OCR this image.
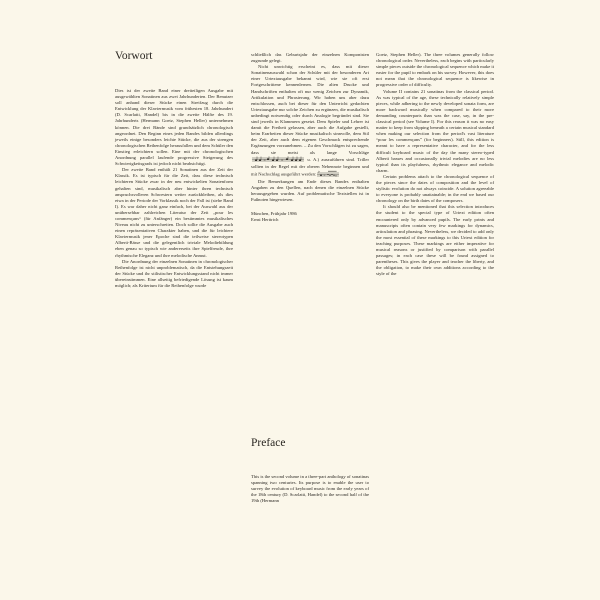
Vorwort

Dies ist der zweite Band einer dreiteiligen Ausgabe mit ausgewählten Sonatinen aus zwei Jahrhunderten. Der Benutzer soll anhand dieser Stücke einen Streifzug durch die Entwicklung der Klaviermusik vom frühesten 18. Jahrhundert (D. Scarlatti, Handel) bis in die zweite Hälfte des 19. Jahrhunderts (Hermann Goetz, Stephen Heller) unternehmen können. Die drei Bände sind grundsätzlich chronologisch angeordnet. Den Beginn eines jeden Bandes bilden allerdings jeweils einige besonders leichte Stücke, die aus der strengen chronologischen Reihenfolge herausfallen und dem Schüler den Einstieg erleichtern sollen. Eine mit der chronologischen Anordnung parallel laufende progressive Steigerung des Schwierigkeitsgrads ist jedoch nicht beabsichtigt.

Der zweite Band enthält 21 Sonatinen aus der Zeit der Klassik. Es ist typisch für die Zeit, dass diese technisch leichteren Stücke zwar in der neu entwickelten Sonatenform gehalten sind, musikalisch aber hinter ihren technisch anspruchsvolleren Schwestern weiter zurückbleiben, als dies etwa in der Periode der Vorklassik noch der Fall ist (siehe Band I). Es war daher nicht ganz einfach, bei der Auswahl aus der unübersehbar zahlreichen Literatur der Zeit „pour les commençans“ (für Anfänger) ein bestimmtes musikalisches Niveau nicht zu unterschreiten. Doch sollte die Ausgabe auch einen repräsentativen Charakter haben, und die für leichtere Klaviermusik jener Epoche sind die teilweise stereotypen Alberti-Bässe und die gelegentlich triviale Melodiebildung eben genau so typisch wie andererseits ihre Spielfreude, ihre rhythmische Eleganz und ihre melodische Anmut.

Die Anordnung der einzelnen Sonatinen in chronologischer Reihenfolge ist nicht unproblematisch, da die Entstehungszeit der Stücke und ihr stilistischer Entwicklungsstand nicht immer übereinstimmen. Eine allseitig befriedigende Lösung ist kaum möglich; als Kriterium für die Reihenfolge wurde

schließlich das Geburtsjahr der einzelnen Komponisten zugrunde gelegt.

Nicht unwichtig erscheint es, dass mit dieser Sonatinenauswahl schon der Schüler mit der besonderen Art einer Urtextausgabe bekannt wird, wie sie oft erst Fortgeschrittene kennenlernen. Die alten Drucke und Handschriften enthalten oft nur wenig Zeichen zur Dynamik, Artikulation und Phrasierung. Wir haben uns aber dazu entschlossen, auch bei dieser für den Unterricht gedachten Urtextausgabe nur solche Zeichen zu ergänzen, die musikalisch unbedingt notwendig oder durch Analogie begründet sind. Sie sind jeweils in Klammern gesetzt. Dem Spieler und Lehrer ist damit die Freiheit gelassen, aber auch die Aufgabe gestellt, beim Erarbeiten dieser Stücke musikalisch sinnvolle, dem Stil der Zeit, aber auch dem eigenen Geschmack entsprechende Ergänzungen vorzunehmen. – Zu den Vorschlägen ist zu sagen, dass sie meist als lange Vorschläge
=	=	u. A.) auszuführen sind. Triller sollten in der Regel mit der oberen Nebennote beginnen und mit Nachschlag ausgeführt werden: tr
=

Die Bemerkungen am Ende dieses Bandes enthalten Angaben zu den Quellen, nach denen die einzelnen Stücke herausgegeben wurden. Auf problematische Textstellen ist in Fußnoten hingewiesen.

München, Frühjahr 1986
Ernst Herttrich

Preface

This is the second volume in a three-part anthology of sonatinas spanning two centuries. Its purpose is to enable the user to survey the evolution of keyboard music from the early years of the 18th century (D. Scarlatti, Handel) to the second half of the 19th (Hermann

Goetz, Stephen Heller). The three volumes generally follow chronological order. Nevertheless, each begins with particularly simple pieces outside the chronological sequence which make it easier for the pupil to embark on his survey. However, this does not mean that the chronological sequence is likewise in progressive order of difficulty.

Volume II contains 21 sonatinas from the classical period. As was typical of the age, these technically relatively simple pieces, while adhering to the newly developed sonata form, are more backward musically when compared to their more demanding counterparts than was the case, say, in the pre-classical period (see Volume I). For this reason it was no easy matter to keep from slipping beneath a certain musical standard when making our selection from the period's vast literature “pour les commençans” (for beginners). Still, this edition is meant to have a representative character, and for the less difficult keyboard music of the day the many stereo-typed Alberti basses and occasionally trivial melodies are no less typical than its playfulness, rhythmic elegance and melodic charm.

Certain problems attach to the chronological sequence of the pieces since the dates of composition and the level of stylistic evolution do not always coincide. A solution agreeable to everyone is probably unattainable; in the end we based our chronology on the birth dates of the composers.

It should also be mentioned that this selection introduces the student to the special type of Urtext edition often encountered only by advanced pupils. The early prints and manuscripts often contain very few markings for dynamics, articulation and phrasing. Nevertheless, we decided to add only the most essential of these markings to this Urtext edition for teaching purposes. These markings are either imperative for musical reasons or justified by comparison with parallel passages; in each case these will be found assigned to parentheses. This gives the player and teacher the liberty, and the obligation, to make their own additions according to the style of the
